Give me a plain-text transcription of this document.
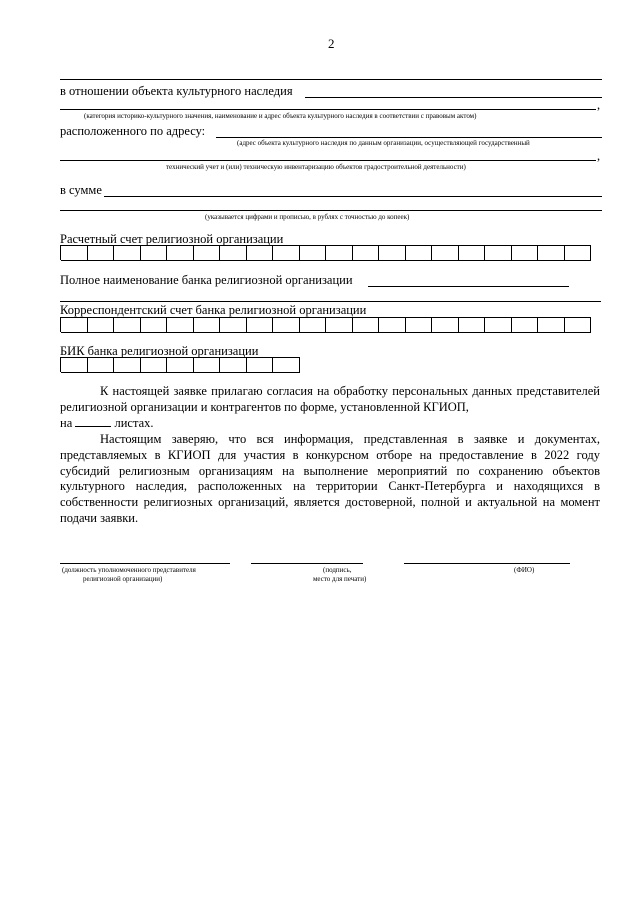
2
в отношении объекта культурного наследия
,
(категория историко-культурного значения, наименование и адрес объекта культурного наследия в соответствии с правовым актом)
расположенного по адресу:
(адрес объекта культурного наследия по данным организации, осуществляющей государственный
,
технический учет и (или) техническую инвентаризацию объектов градостроительной деятельности)
в сумме
(указывается цифрами и прописью, в рублях с точностью до копеек)
Расчетный счет религиозной организации
Полное наименование банка религиозной организации
Корреспондентский счет банка религиозной организации
БИК банка религиозной организации
К настоящей заявке прилагаю согласия на обработку персональных данных представителей религиозной организации и контрагентов по форме, установленной КГИОП,
на	листах.
Настоящим заверяю, что вся информация, представленная в заявке и документах, представляемых в КГИОП для участия в конкурсном отборе на предоставление в 2022 году субсидий религиозным организациям на выполнение мероприятий по сохранению объектов культурного наследия, расположенных на территории Санкт-Петербурга и находящихся в собственности религиозных организаций, является достоверной, полной и актуальной на момент подачи заявки.
(должность уполномоченного представителя
религиозной организации)
(подпись,
место для печати)
(ФИО)
